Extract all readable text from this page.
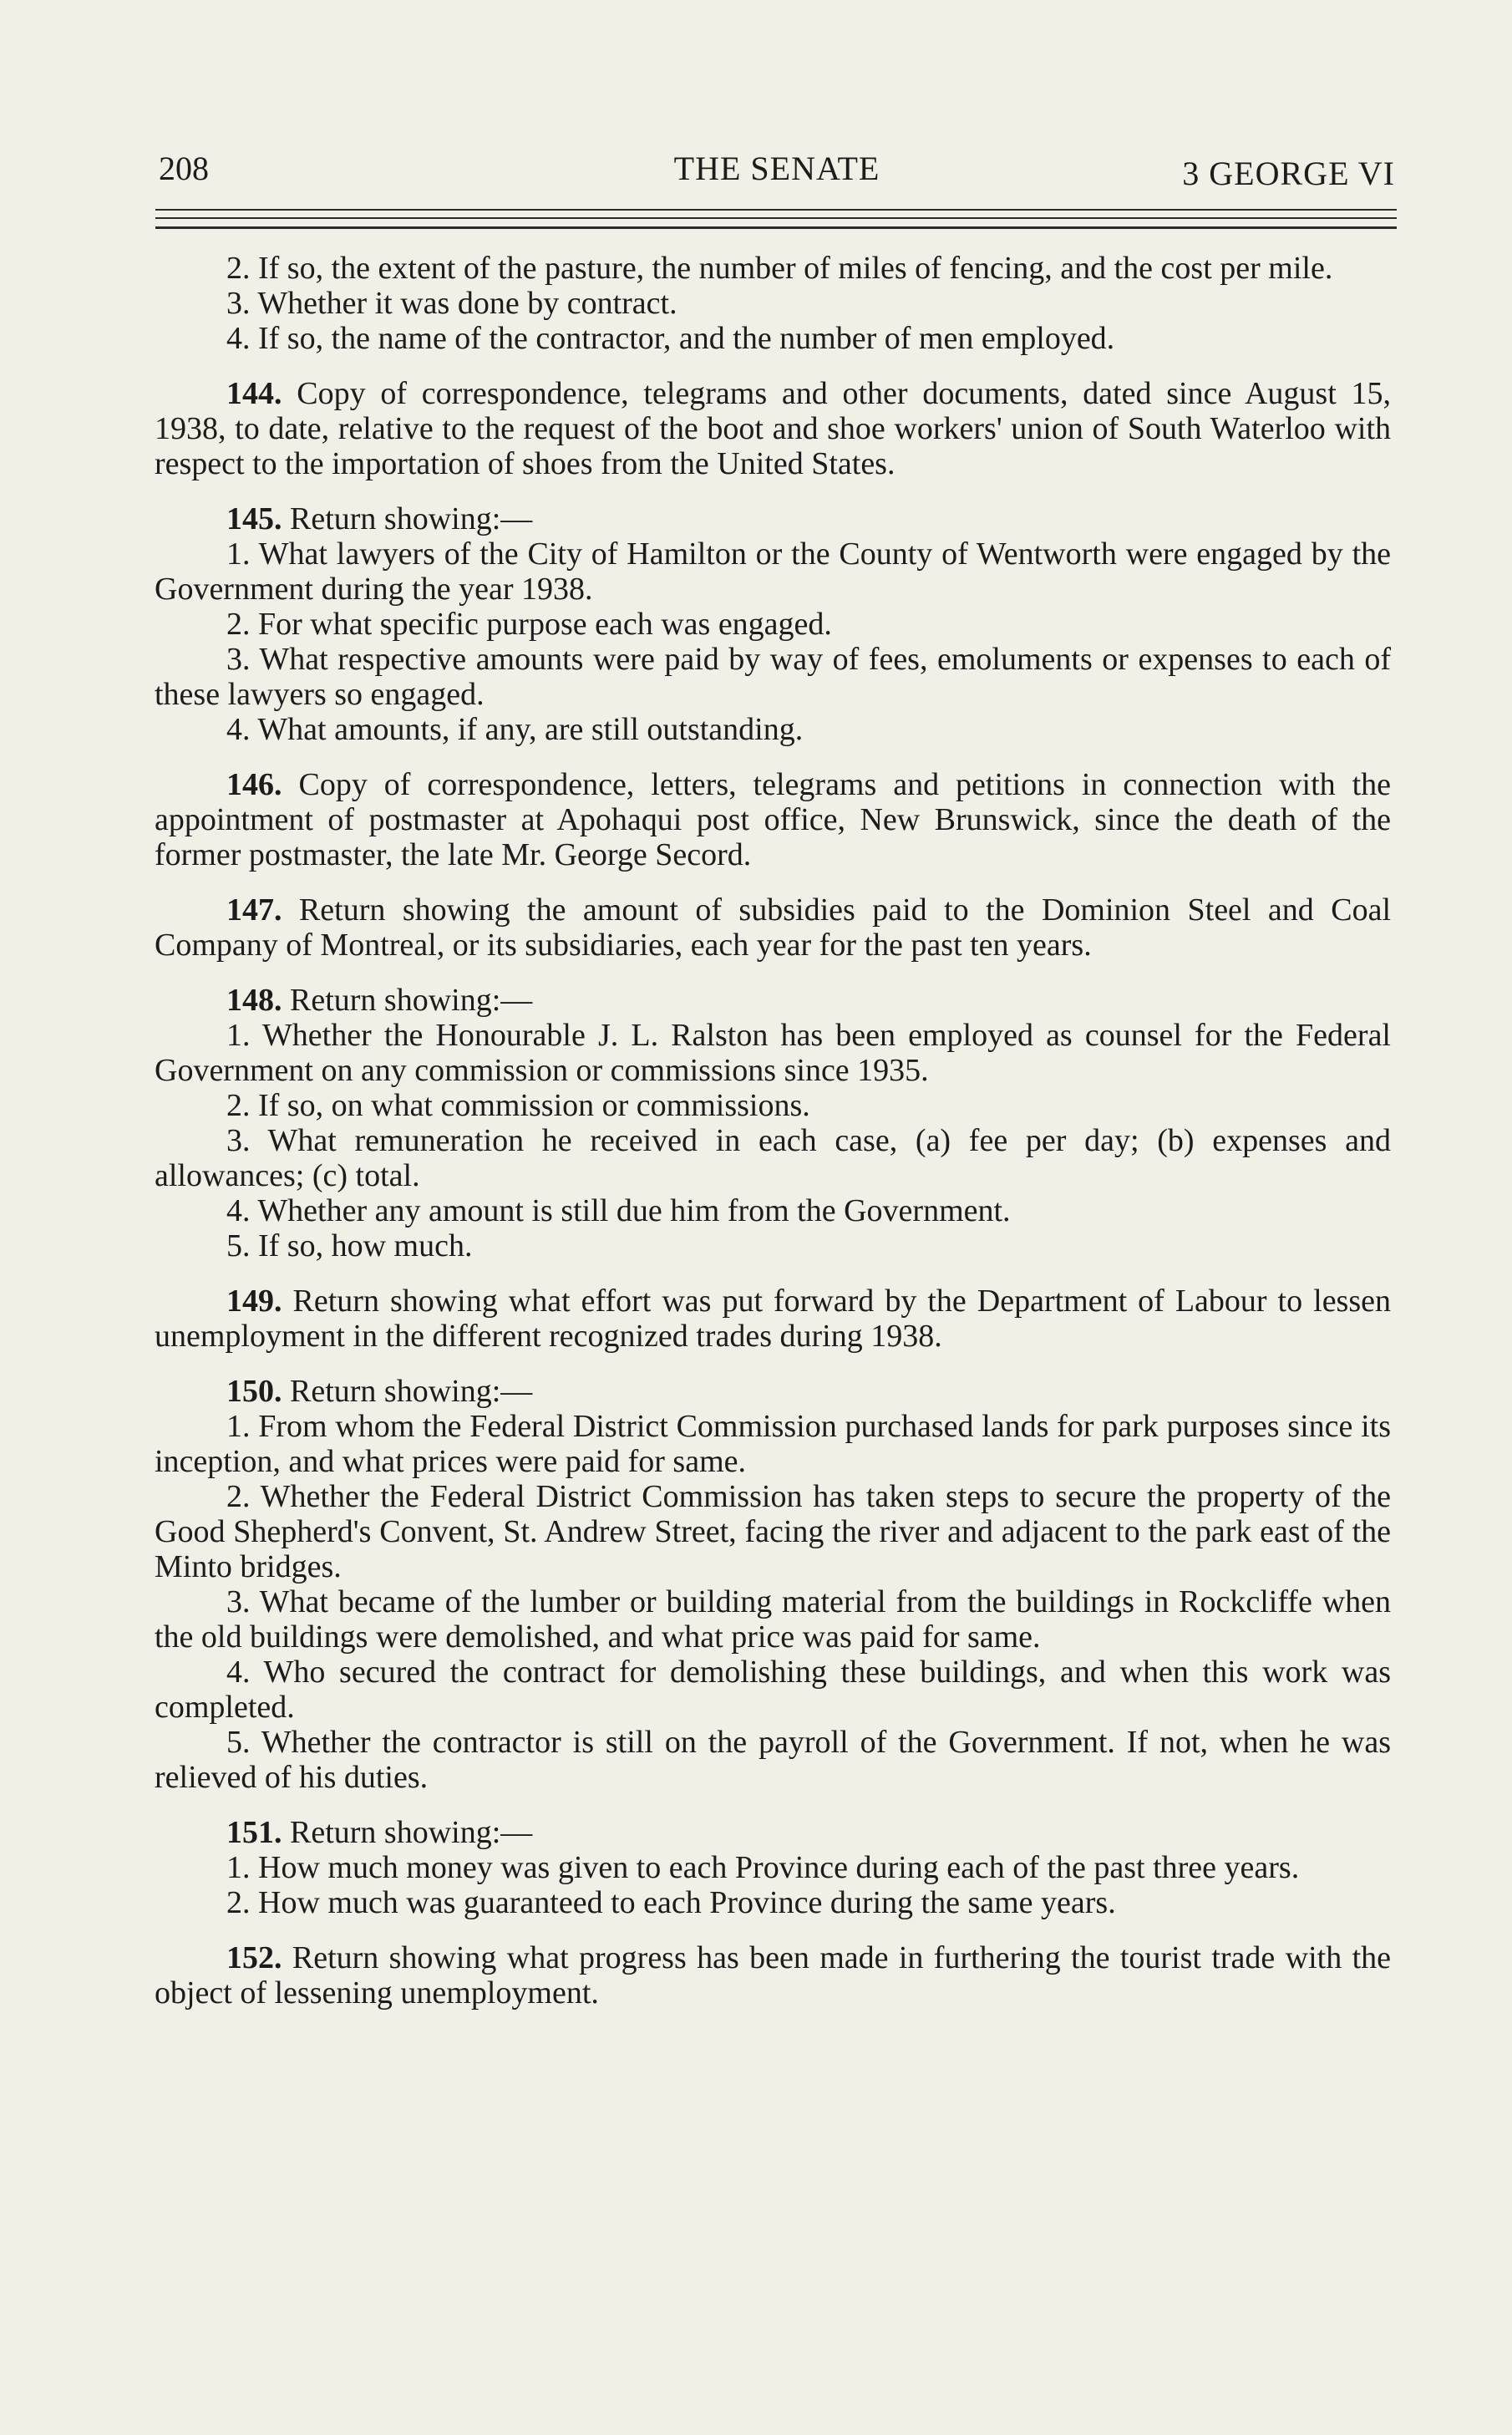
208	THE SENATE	3 GEORGE VI

2. If so, the extent of the pasture, the number of miles of fencing, and the cost per mile.

3. Whether it was done by contract.

4. If so, the name of the contractor, and the number of men employed.

144. Copy of correspondence, telegrams and other documents, dated since August 15, 1938, to date, relative to the request of the boot and shoe workers' union of South Waterloo with respect to the importation of shoes from the United States.

145. Return showing:—

1. What lawyers of the City of Hamilton or the County of Wentworth were engaged by the Government during the year 1938.

2. For what specific purpose each was engaged.

3. What respective amounts were paid by way of fees, emoluments or expenses to each of these lawyers so engaged.

4. What amounts, if any, are still outstanding.

146. Copy of correspondence, letters, telegrams and petitions in connection with the appointment of postmaster at Apohaqui post office, New Brunswick, since the death of the former postmaster, the late Mr. George Secord.

147. Return showing the amount of subsidies paid to the Dominion Steel and Coal Company of Montreal, or its subsidiaries, each year for the past ten years.

148. Return showing:—

1. Whether the Honourable J. L. Ralston has been employed as counsel for the Federal Government on any commission or commissions since 1935.

2. If so, on what commission or commissions.

3. What remuneration he received in each case, (a) fee per day; (b) expenses and allowances; (c) total.

4. Whether any amount is still due him from the Government.

5. If so, how much.

149. Return showing what effort was put forward by the Department of Labour to lessen unemployment in the different recognized trades during 1938.

150. Return showing:—

1. From whom the Federal District Commission purchased lands for park purposes since its inception, and what prices were paid for same.

2. Whether the Federal District Commission has taken steps to secure the property of the Good Shepherd's Convent, St. Andrew Street, facing the river and adjacent to the park east of the Minto bridges.

3. What became of the lumber or building material from the buildings in Rockcliffe when the old buildings were demolished, and what price was paid for same.

4. Who secured the contract for demolishing these buildings, and when this work was completed.

5. Whether the contractor is still on the payroll of the Government. If not, when he was relieved of his duties.

151. Return showing:—

1. How much money was given to each Province during each of the past three years.

2. How much was guaranteed to each Province during the same years.

152. Return showing what progress has been made in furthering the tourist trade with the object of lessening unemployment.
